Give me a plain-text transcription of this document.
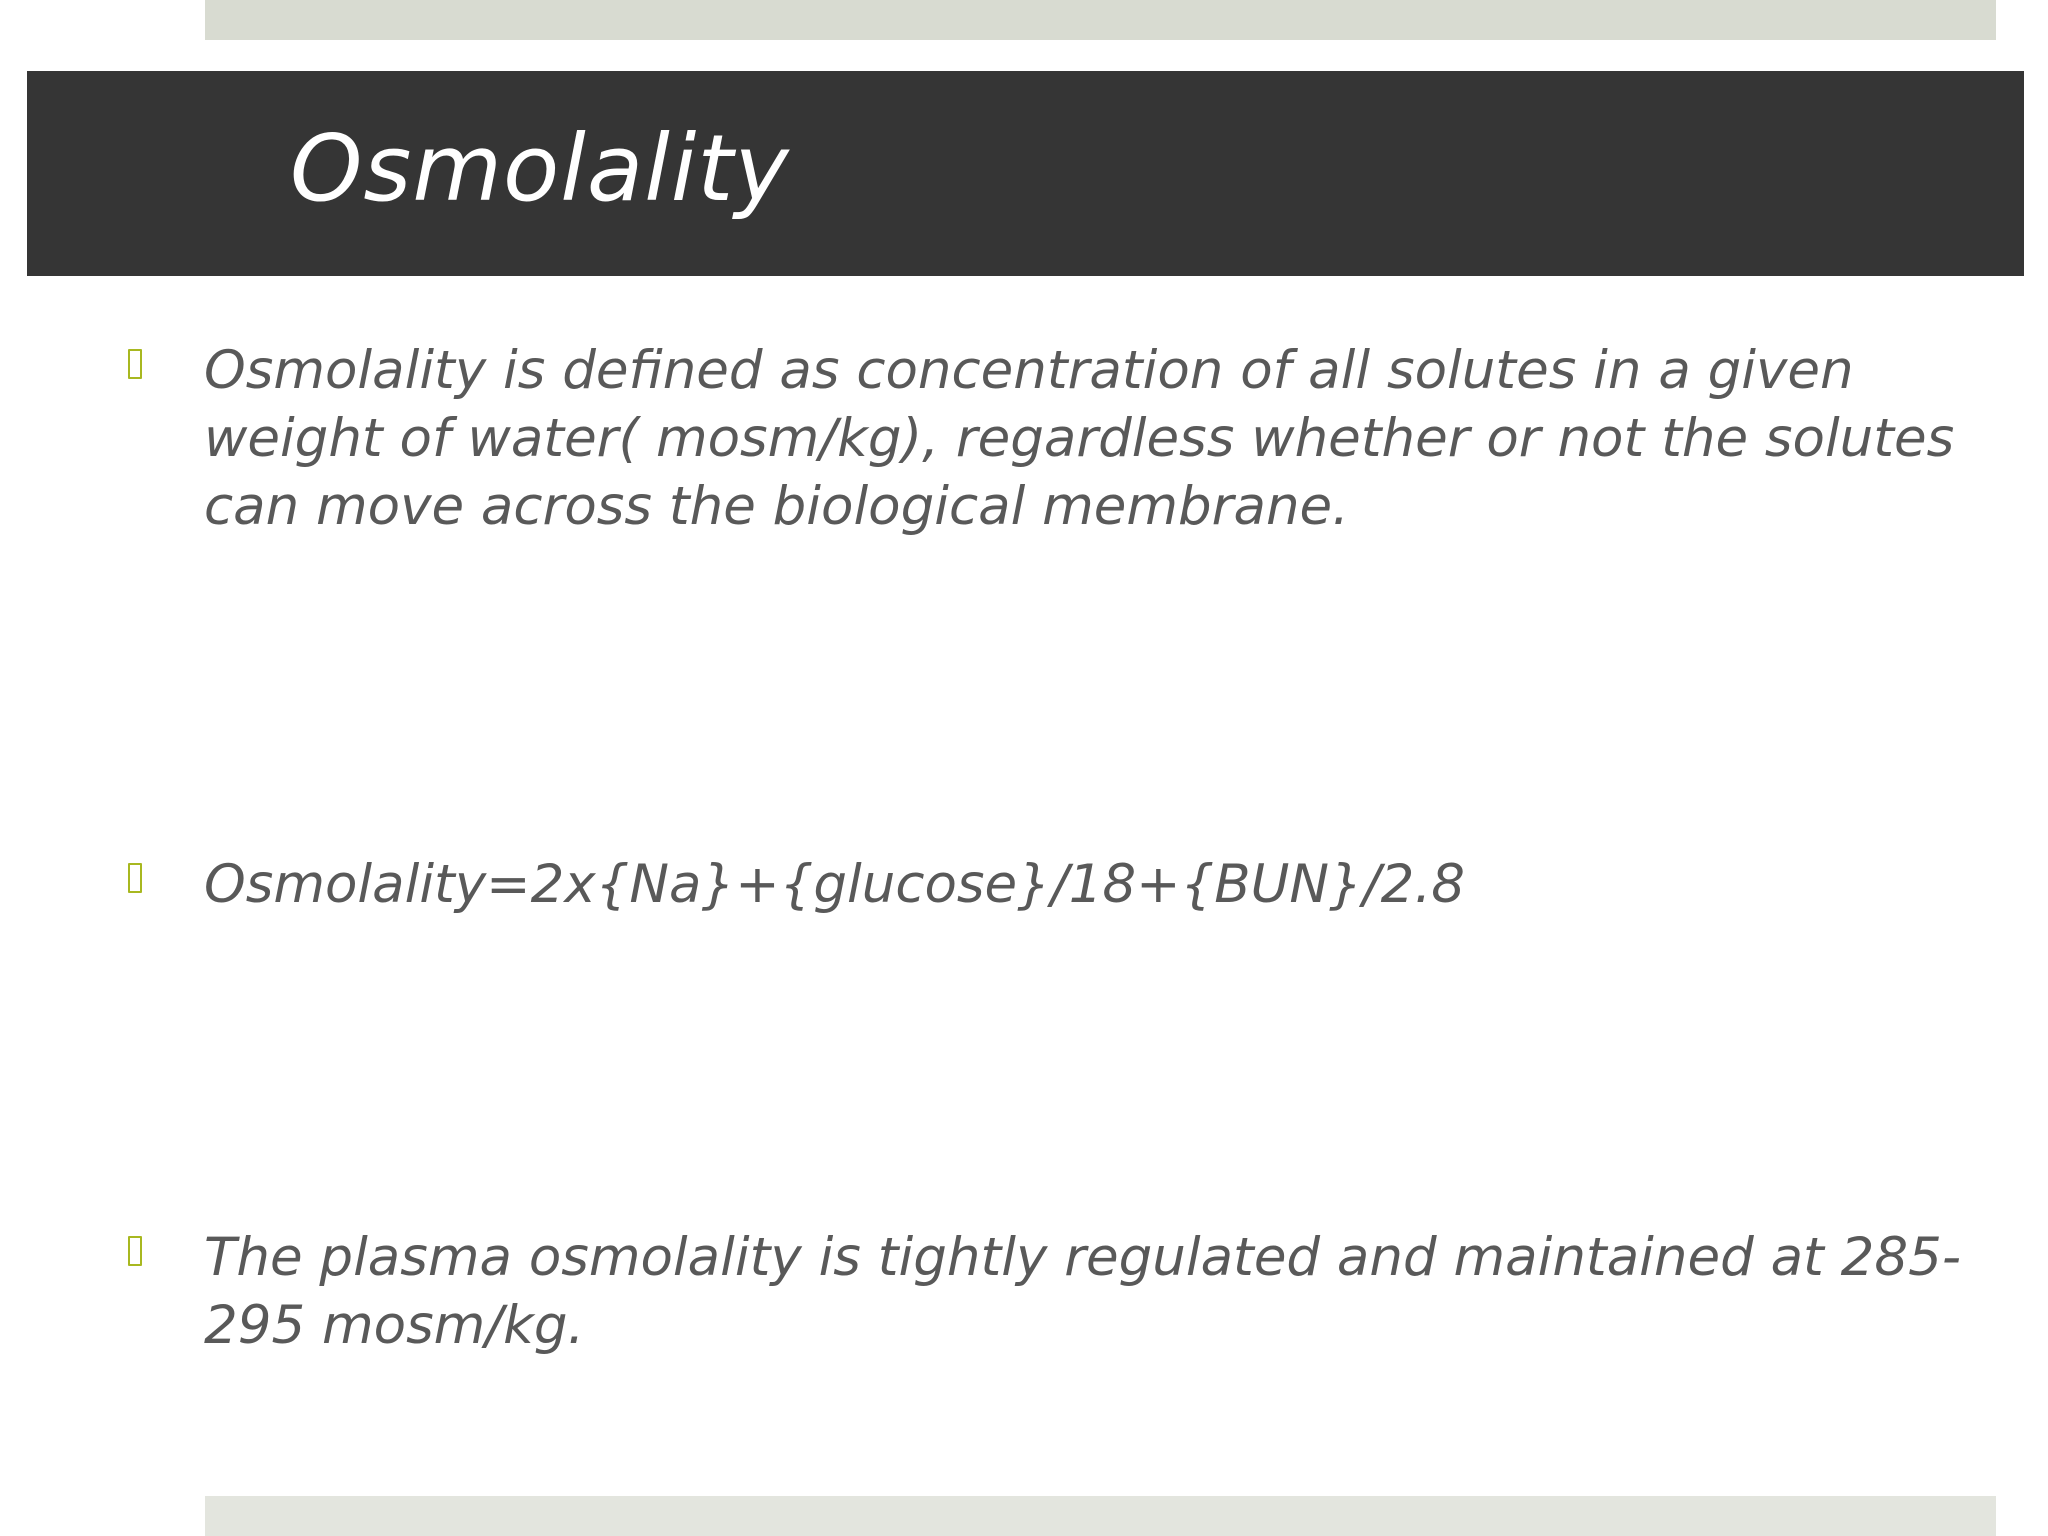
Osmolality

Osmolality is defined as concentration of all solutes in a given weight of water( mosm/kg), regardless whether or not the solutes can move across the biological membrane.

Osmolality=2x{Na}+{glucose}/18+{BUN}/2.8

The plasma osmolality is tightly regulated and maintained at 285-295 mosm/kg.
